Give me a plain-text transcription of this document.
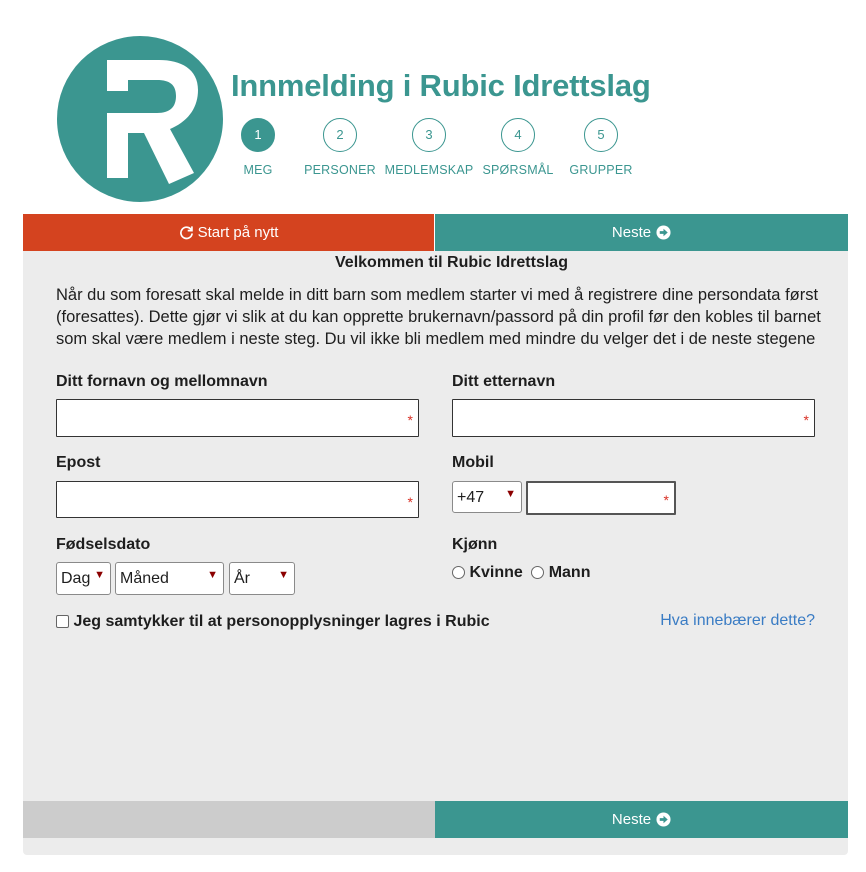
Innmelding i Rubic Idrettslag
1
MEG
2
PERSONER
3
MEDLEMSKAP
4
SPØRSMÅL
5
GRUPPER
Start på nytt	Neste
Velkommen til Rubic Idrettslag

Når du som foresatt skal melde in ditt barn som medlem starter vi med å registrere dine persondata først (foresattes). Dette gjør vi slik at du kan opprette brukernavn/passord på din profil før den kobles til barnet som skal være medlem i neste steg. Du vil ikke bli medlem med mindre du velger det i de neste stegene

Ditt fornavn og mellomnavn
*
Ditt etternavn
*
Epost
*
Mobil
+47 ▼	*
Fødselsdato
Dag ▼ Måned	▼	År	▼
Kjønn
Kvinne Mann
Jeg samtykker til at personopplysninger lagres i Rubic	Hva innebærer dette?
Neste
